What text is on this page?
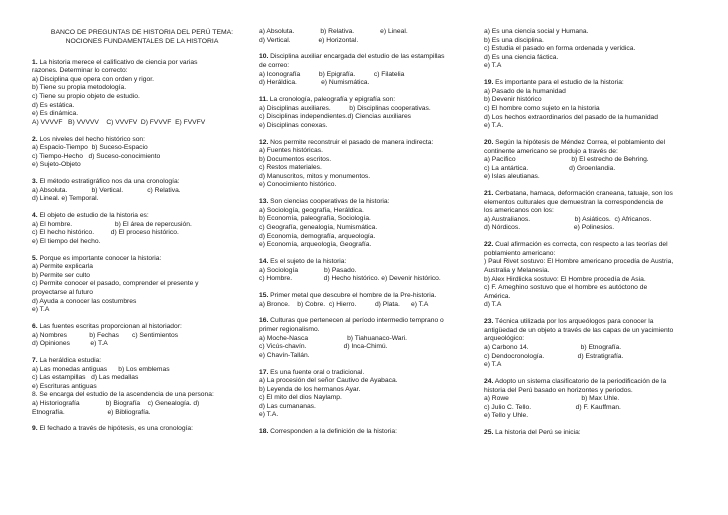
BANCO DE PREGUNTAS DE HISTORIA DEL PERÚ TEMA:
NOCIONES FUNDAMENTALES DE LA HISTORIA
1. La historia merece el calificativo de ciencia por varias
razones. Determinar lo correcto:
a) Disciplina que opera con orden y rigor.
b) Tiene su propia metodología.
c) Tiene su propio objeto de estudio.
d) Es estática.
e) Es dinámica.
A) VVVVF   B) VVVVV    C) VVVFV  D) FVVVF  E) FVVFV
2. Los niveles del hecho histórico son:
a) Espacio-Tiempo  b) Suceso-Espacio
c) Tiempo-Hecho   d) Suceso-conocimiento
e) Sujeto-Objeto
3. El método estratigráfico nos da una cronología:
a) Absoluta.             b) Vertical.             c) Relativa.
d) Lineal. e) Temporal.
4. El objeto de estudio de la historia es:
a) El hombre.                       b) El área de repercusión.
c) El hecho histórico.         d) El proceso histórico.
e) El tiempo del hecho.
5. Porque es importante conocer la historia:
a) Permite explicarla
b) Permite ser culto
c) Permite conocer el pasado, comprender el presente y
proyectarse al futuro
d) Ayuda a conocer las costumbres
e) T.A
6. Las fuentes escritas proporcionan al historiador:
a) Nombres            b) Fechas       c) Sentimientos
d) Opiniones           e) T.A
7. La heráldica estudia:
a) Las monedas antiguas      b) Los emblemas
c) Las estampillas   d) Las medallas
e) Escrituras antiguas
8. Se encarga del estudio de la ascendencia de una persona:
a) Historiografía              b) Biografía    c) Genealogía. d)
Etnografía.                       e) Bibliografía.
9. El fechado a través de hipótesis, es una cronología:
a) Absoluta.              b) Relativa.              e) Lineal.
d) Vertical.               e) Horizontal.
10. Disciplina auxiliar encargada del estudio de las estampillas
de correo:
a) Iconografía          b) Epigrafía.          c) Filatelia
d) Heráldica.             e) Numismática.
11. La cronología, paleografía y epigrafía son:
a) Disciplinas auxiliares.          b) Disciplinas cooperativas.
c) Disciplinas independientes.d) Ciencias auxiliares
e) Disciplinas conexas.
12. Nos permite reconstruir el pasado de manera indirecta:
a) Fuentes históricas.
b) Documentos escritos.
c) Restos materiales.
d) Manuscritos, mitos y monumentos.
e) Conocimiento histórico.
13. Son ciencias cooperativas de la historia:
a) Sociología, geografía, Heráldica.
b) Economía, paleografía, Sociología.
c) Geografía, genealogía, Numismática.
d) Economía, demografía, arqueología.
e) Economía, arqueología, Geografía.
14. Es el sujeto de la historia:
a) Sociología              b) Pasado.
c) Hombre.                 d) Hecho histórico. e) Devenir histórico.
15. Primer metal que descubre el hombre de la Pre-historia.
a) Bronce.    b) Cobre.  c) Hierro.          d) Plata.      e) T.A
16. Culturas que pertenecen al período intermedio temprano o
primer regionalismo.
a) Moche-Nasca                     b) Tiahuanaco-Wari.
c) Vicús-chavín.                    d) Inca-Chimú.
e) Chavín-Tallán.
17. Es una fuente oral o tradicional.
a) La procesión del señor Cautivo de Ayabaca.
b) Leyenda de los hermanos Ayar.
c) El mito del dios Naylamp.
d) Las cumananas.
e) T.A.
18. Corresponden a la definición de la historia:
a) Es una ciencia social y Humana.
b) Es una disciplina.
c) Estudia el pasado en forma ordenada y verídica.
d) Es una ciencia fáctica.
e) T.A
19. Es importante para el estudio de la historia:
a) Pasado de la humanidad
b) Devenir histórico
c) El hombre como sujeto en la historia
d) Los hechos extraordinarios del pasado de la humanidad
e) T.A.
20. Según la hipótesis de Méndez Correa, el poblamiento del
continente americano se produjo a través de:
a) Pacífico                              b) El estrecho de Behring.
c) La antártica.                      d) Groenlandia.
e) Islas aleutianas.
21. Cerbatana, hamaca, deformación craneana, tatuaje, son los
elementos culturales que demuestran la correspondencia de
los americanos con los:
a) Australianos.                        b) Asiáticos.  c) Africanos.
d) Nórdicos.                             e) Polinesios.
22. Cual afirmación es correcta, con respecto a las teorías del
poblamiento americano:
) Paul Rivet sostuvo: El Hombre americano procedía de Austria,
Australia y Melanesia.
b) Alex Hirdlicka sostuvo: El Hombre procedía de Asia.
c) F. Ameghino sostuvo que el hombre es autóctono de
América.
d) T.A
23. Técnica utilizada por los arqueólogos para conocer la
antigüedad de un objeto a través de las capas de un yacimiento
arqueológico:
a) Carbono 14.                            b) Etnografía.
c) Dendocronología.                  d) Estratigrafía.
e) T.A
24. Adopto un sistema clasificatorio de la periodificación de la
historia del Perú basado en horizontes y periodos.
a) Rowe                                       b) Max Uhle.
c) Julio C. Tello.                        d) F. Kauffman.
e) Tello y Uhle.
25. La historia del Perú se inicia:
